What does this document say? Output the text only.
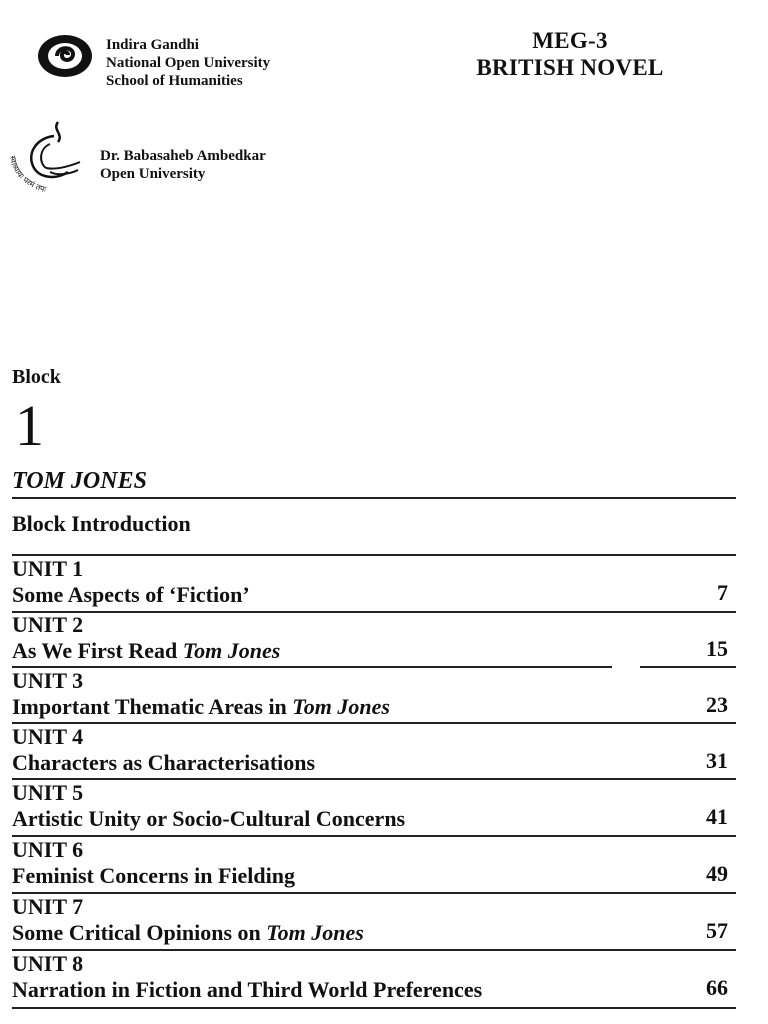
Indira Gandhi
National Open University
School of Humanities
MEG-3
BRITISH NOVEL
स्वाध्यायः परमं तपः
Dr. Babasaheb Ambedkar
Open University
Block
1
TOM JONES
Block Introduction
UNIT 1
Some Aspects of ‘Fiction’	7
UNIT 2
As We First Read Tom Jones	15
UNIT 3
Important Thematic Areas in Tom Jones	23
UNIT 4
Characters as Characterisations	31
UNIT 5
Artistic Unity or Socio-Cultural Concerns	41
UNIT 6
Feminist Concerns in Fielding	49
UNIT 7
Some Critical Opinions on Tom Jones	57
UNIT 8
Narration in Fiction and Third World Preferences	66
